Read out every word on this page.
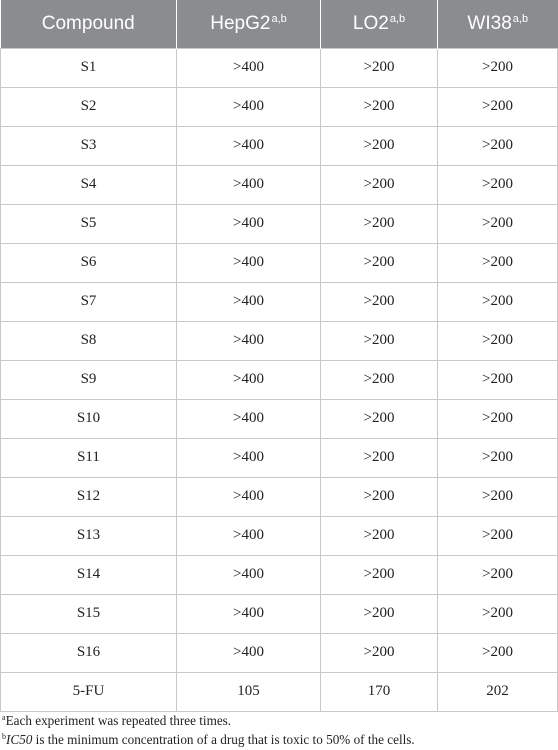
Compound	HepG2$^{a,b}$	LO2$^{a,b}$	WI38$^{a,b}$
S1	>400	>200	>200
S2	>400	>200	>200
S3	>400	>200	>200
S4	>400	>200	>200
S5	>400	>200	>200
S6	>400	>200	>200
S7	>400	>200	>200
S8	>400	>200	>200
S9	>400	>200	>200
S10	>400	>200	>200
S11	>400	>200	>200
S12	>400	>200	>200
S13	>400	>200	>200
S14	>400	>200	>200
S15	>400	>200	>200
S16	>400	>200	>200
5-FU	105	170	202
$^a$Each experiment was repeated three times.
$^b$IC50 is the minimum concentration of a drug that is toxic to 50% of the cells.
